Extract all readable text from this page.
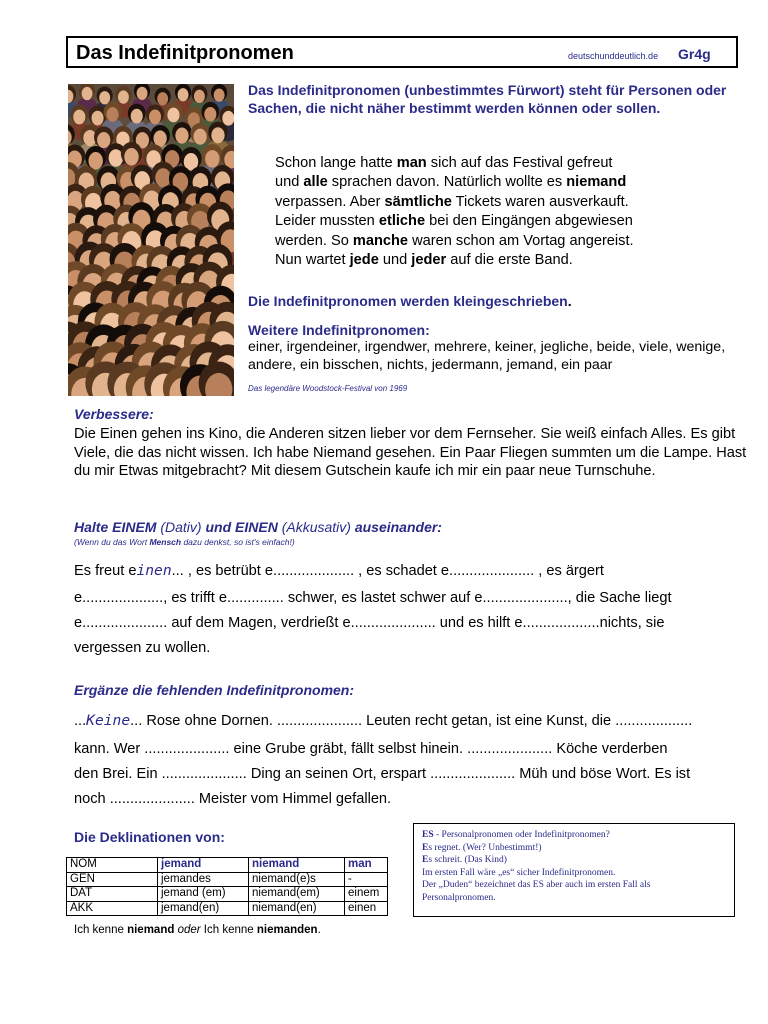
Das Indefinitpronomen	deutschunddeutlich.de Gr4g
Das Indefinitpronomen (unbestimmtes Fürwort) steht für Personen oder Sachen, die nicht näher bestimmt werden können oder sollen.
Schon lange hatte man sich auf das Festival gefreut
und alle sprachen davon. Natürlich wollte es niemand
verpassen. Aber sämtliche Tickets waren ausverkauft.
Leider mussten etliche bei den Eingängen abgewiesen
werden. So manche waren schon am Vortag angereist.
Nun wartet jede und jeder auf die erste Band.
Die Indefinitpronomen werden kleingeschrieben.
Weitere Indefinitpronomen:
einer, irgendeiner, irgendwer, mehrere, keiner, jegliche, beide, viele, wenige, andere, ein bisschen, nichts, jedermann, jemand, ein paar
Das legendäre Woodstock-Festival von 1969
Verbessere:
Die Einen gehen ins Kino, die Anderen sitzen lieber vor dem Fernseher. Sie weiß einfach Alles. Es gibt Viele, die das nicht wissen. Ich habe Niemand gesehen. Ein Paar Fliegen summten um die Lampe. Hast du mir Etwas mitgebracht? Mit diesem Gutschein kaufe ich mir ein paar neue Turnschuhe.
Halte EINEM (Dativ) und EINEN (Akkusativ) auseinander:
(Wenn du das Wort Mensch dazu denkst, so ist's einfach!)
Es freut einen... , es betrübt e.................... , es schadet e..................... , es ärgert
e...................., es trifft e.............. schwer, es lastet schwer auf e....................., die Sache liegt
e..................... auf dem Magen, verdrießt e..................... und es hilft e...................nichts, sie
vergessen zu wollen.
Ergänze die fehlenden Indefinitpronomen:
...Keine... Rose ohne Dornen. ..................... Leuten recht getan, ist eine Kunst, die ...................
kann. Wer ..................... eine Grube gräbt, fällt selbst hinein. ..................... Köche verderben
den Brei. Ein ..................... Ding an seinen Ort, erspart ..................... Müh und böse Wort. Es ist
noch ..................... Meister vom Himmel gefallen.
Die Deklinationen von:
NOM	jemand	niemand	man
GEN	jemandes	niemand(e)s	-
DAT	jemand (em)	niemand(em)	einem
AKK	jemand(en)	niemand(en)	einen
Ich kenne niemand oder Ich kenne niemanden.
ES - Personalpronomen oder Indefinitpronomen?
Es regnet. (Wer? Unbestimmt!)
Es schreit. (Das Kind)
Im ersten Fall wäre „es“ sicher Indefinitpronomen.
Der „Duden“ bezeichnet das ES aber auch im ersten Fall als
Personalpronomen.
